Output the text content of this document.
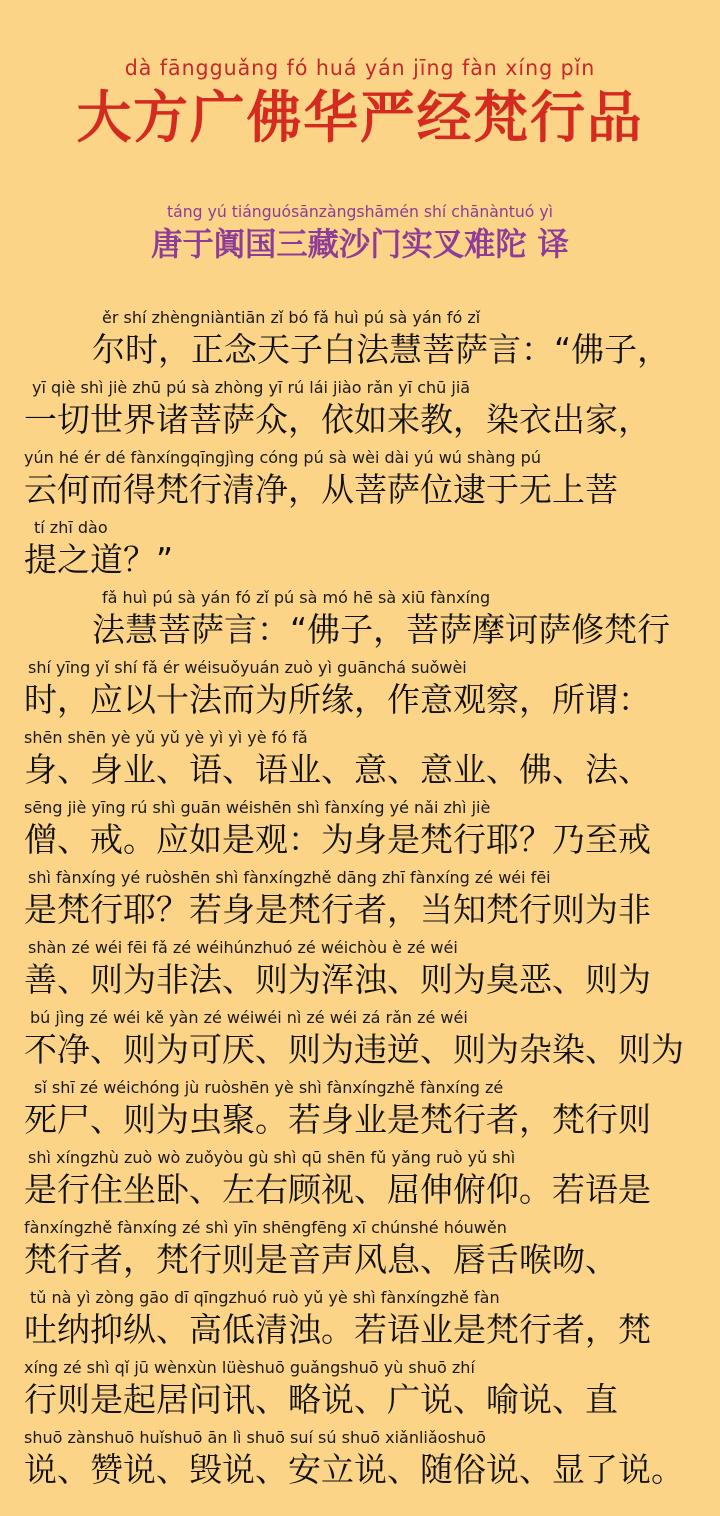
dà fāngguǎng fó huá yán jīng fàn xíng pǐn
大方广佛华严经梵行品
táng yú tiánguósānzàngshāmén shí chānàntuó yì
唐于阗国三藏沙门实叉难陀 译
ěr shí zhèngniàntiān zǐ bó fǎ huì pú sà yán fó zǐ
尔时，正念天子白法慧菩萨言：“佛子，
yī qiè shì jiè zhū pú sà zhòng yī rú lái jiào rǎn yī chū jiā
一切世界诸菩萨众，依如来教，染衣出家，
yún hé ér dé fànxíngqīngjìng cóng pú sà wèi dài yú wú shàng pú
云何而得梵行清净，从菩萨位逮于无上菩
tí zhī dào
提之道？”
fǎ huì pú sà yán fó zǐ pú sà mó hē sà xiū fànxíng
法慧菩萨言：“佛子，菩萨摩诃萨修梵行
shí yīng yǐ shí fǎ ér wéisuǒyuán zuò yì guānchá suǒwèi
时，应以十法而为所缘，作意观察，所谓：
shēn shēn yè yǔ yǔ yè yì yì yè fó fǎ
身、身业、语、语业、意、意业、佛、法、
sēng jiè yīng rú shì guān wéishēn shì fànxíng yé nǎi zhì jiè
僧、戒。应如是观：为身是梵行耶？乃至戒
shì fànxíng yé ruòshēn shì fànxíngzhě dāng zhī fànxíng zé wéi fēi
是梵行耶？若身是梵行者，当知梵行则为非
shàn zé wéi fēi fǎ zé wéihúnzhuó zé wéichòu è zé wéi
善、则为非法、则为浑浊、则为臭恶、则为
bú jìng zé wéi kě yàn zé wéiwéi nì zé wéi zá rǎn zé wéi
不净、则为可厌、则为违逆、则为杂染、则为
sǐ shī zé wéichóng jù ruòshēn yè shì fànxíngzhě fànxíng zé
死尸、则为虫聚。若身业是梵行者，梵行则
shì xíngzhù zuò wò zuǒyòu gù shì qū shēn fǔ yǎng ruò yǔ shì
是行住坐卧、左右顾视、屈伸俯仰。若语是
fànxíngzhě fànxíng zé shì yīn shēngfēng xī chúnshé hóuwěn
梵行者，梵行则是音声风息、唇舌喉吻、
tǔ nà yì zòng gāo dī qīngzhuó ruò yǔ yè shì fànxíngzhě fàn
吐纳抑纵、高低清浊。若语业是梵行者，梵
xíng zé shì qǐ jū wènxùn lüèshuō guǎngshuō yù shuō zhí
行则是起居问讯、略说、广说、喻说、直
shuō zànshuō huǐshuō ān lì shuō suí sú shuō xiǎnliǎoshuō
说、赞说、毁说、安立说、随俗说、显了说。
